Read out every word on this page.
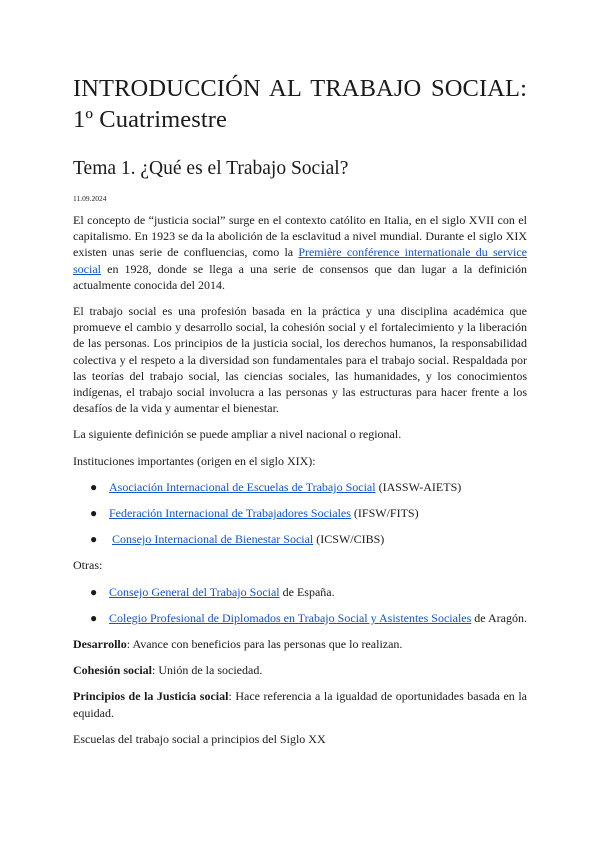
INTRODUCCIÓN AL TRABAJO SOCIAL: 1º Cuatrimestre
Tema 1. ¿Qué es el Trabajo Social?
11.09.2024

El concepto de “justicia social” surge en el contexto católito en Italia, en el siglo XVII con el capitalismo. En 1923 se da la abolición de la esclavitud a nivel mundial. Durante el siglo XIX existen unas serie de confluencias, como la Première conférence internationale du service social en 1928, donde se llega a una serie de consensos que dan lugar a la definición actualmente conocida del 2014.

El trabajo social es una profesión basada en la práctica y una disciplina académica que promueve el cambio y desarrollo social, la cohesión social y el fortalecimiento y la liberación de las personas. Los principios de la justicia social, los derechos humanos, la responsabilidad colectiva y el respeto a la diversidad son fundamentales para el trabajo social. Respaldada por las teorías del trabajo social, las ciencias sociales, las humanidades, y los conocimientos indígenas, el trabajo social involucra a las personas y las estructuras para hacer frente a los desafíos de la vida y aumentar el bienestar.

La siguiente definición se puede ampliar a nivel nacional o regional.

Instituciones importantes (origen en el siglo XIX):

● Asociación Internacional de Escuelas de Trabajo Social (IASSW-AIETS)
● Federación Internacional de Trabajadores Sociales (IFSW/FITS)
● Consejo Internacional de Bienestar Social (ICSW/CIBS)

Otras:

● Consejo General del Trabajo Social de España.
● Colegio Profesional de Diplomados en Trabajo Social y Asistentes Sociales de Aragón.

Desarrollo: Avance con beneficios para las personas que lo realizan.

Cohesión social: Unión de la sociedad.

Principios de la Justicia social: Hace referencia a la igualdad de oportunidades basada en la equidad.

Escuelas del trabajo social a principios del Siglo XX
